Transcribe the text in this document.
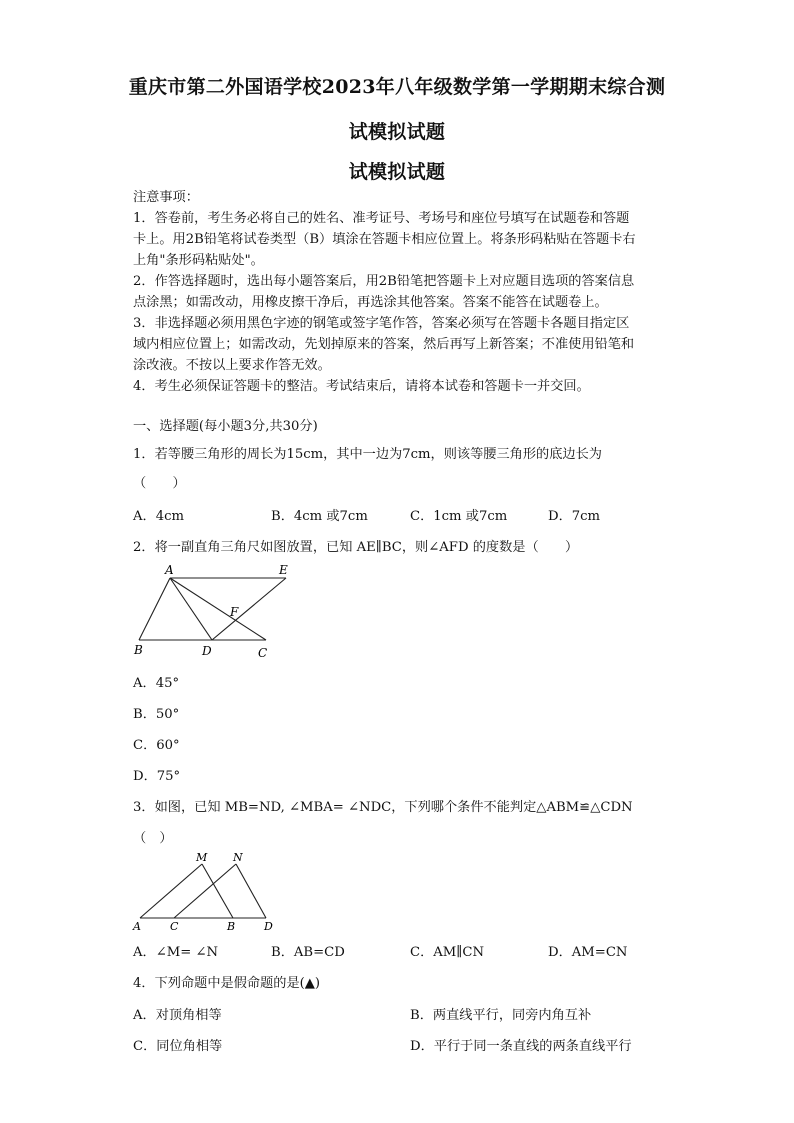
重庆市第二外国语学校2023年八年级数学第一学期期末综合测
试模拟试题
试模拟试题
注意事项：
1．答卷前，考生务必将自己的姓名、准考证号、考场号和座位号填写在试题卷和答题
卡上。用2B铅笔将试卷类型（B）填涂在答题卡相应位置上。将条形码粘贴在答题卡右
上角"条形码粘贴处"。
2．作答选择题时，选出每小题答案后，用2B铅笔把答题卡上对应题目选项的答案信息
点涂黑；如需改动，用橡皮擦干净后，再选涂其他答案。答案不能答在试题卷上。
3．非选择题必须用黑色字迹的钢笔或签字笔作答，答案必须写在答题卡各题目指定区
域内相应位置上；如需改动，先划掉原来的答案，然后再写上新答案；不准使用铅笔和
涂改液。不按以上要求作答无效。
4．考生必须保证答题卡的整洁。考试结束后，请将本试卷和答题卡一并交回。
一、选择题(每小题3分,共30分)
1．若等腰三角形的周长为15cm，其中一边为7cm，则该等腰三角形的底边长为
（　　）
A．4cm	B．4cm 或7cm	C．1cm 或7cm	D．7cm
2．将一副直角三角尺如图放置，已知 AE∥BC，则∠AFD 的度数是（　　）
A	E
F
B	D	C
A．45°
B．50°
C．60°
D．75°
3．如图，已知 MB=ND, ∠MBA= ∠NDC，下列哪个条件不能判定△ABM≌△CDN
（　）
M N
A	C	B	D
A．∠M= ∠N	B．AB=CD	C．AM∥CN	D．AM=CN
4．下列命题中是假命题的是(▲)
A．对顶角相等	B．两直线平行，同旁内角互补
C．同位角相等	D．平行于同一条直线的两条直线平行
